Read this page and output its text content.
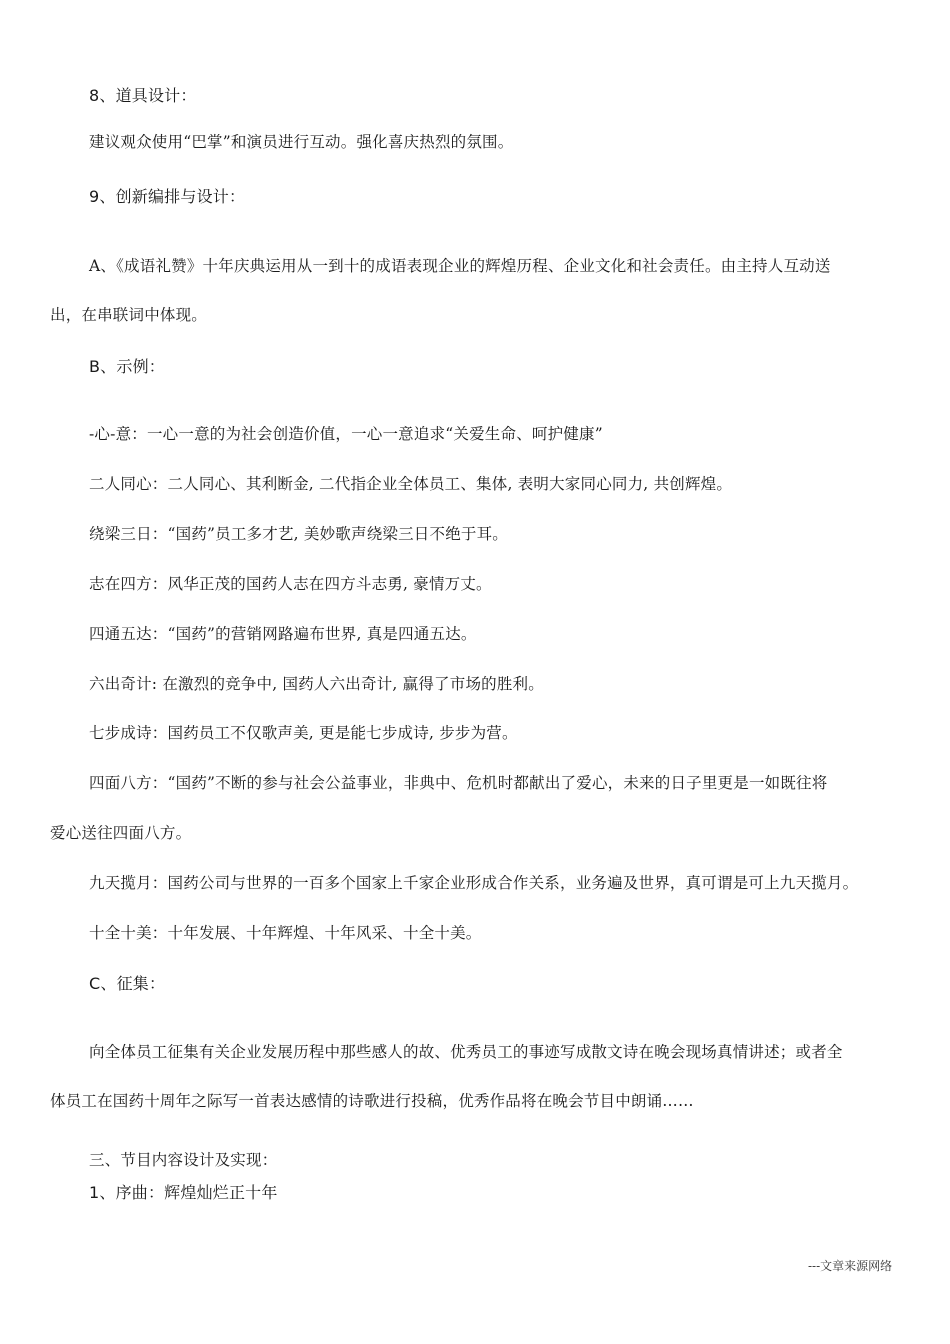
8、道具设计：
建议观众使用“巴掌”和演员进行互动。强化喜庆热烈的氛围。
9、创新编排与设计：
A、《成语礼赞》十年庆典运用从一到十的成语表现企业的辉煌历程、企业文化和社会责任。由主持人互动送
出，在串联词中体现。
B、示例：
-心-意：一心一意的为社会创造价值，一心一意追求“关爱生命、呵护健康”
二人同心：二人同心、其利断金, 二代指企业全体员工、集体, 表明大家同心同力, 共创辉煌。
绕梁三日：“国药”员工多才艺, 美妙歌声绕梁三日不绝于耳。
志在四方：风华正茂的国药人志在四方斗志勇, 豪情万丈。
四通五达：“国药”的营销网路遍布世界, 真是四通五达。
六出奇计: 在激烈的竞争中, 国药人六出奇计, 赢得了市场的胜利。
七步成诗：国药员工不仅歌声美, 更是能七步成诗, 步步为营。
四面八方：“国药”不断的参与社会公益事业，非典中、危机时都献出了爱心，未来的日子里更是一如既往将
爱心送往四面八方。
九天揽月：国药公司与世界的一百多个国家上千家企业形成合作关系，业务遍及世界，真可谓是可上九天揽月。
十全十美：十年发展、十年辉煌、十年风采、十全十美。
C、征集：
向全体员工征集有关企业发展历程中那些感人的故、优秀员工的事迹写成散文诗在晚会现场真情讲述；或者全
体员工在国药十周年之际写一首表达感情的诗歌进行投稿，优秀作品将在晚会节目中朗诵……
三、节目内容设计及实现：
1、序曲：辉煌灿烂正十年
---文章来源网络
